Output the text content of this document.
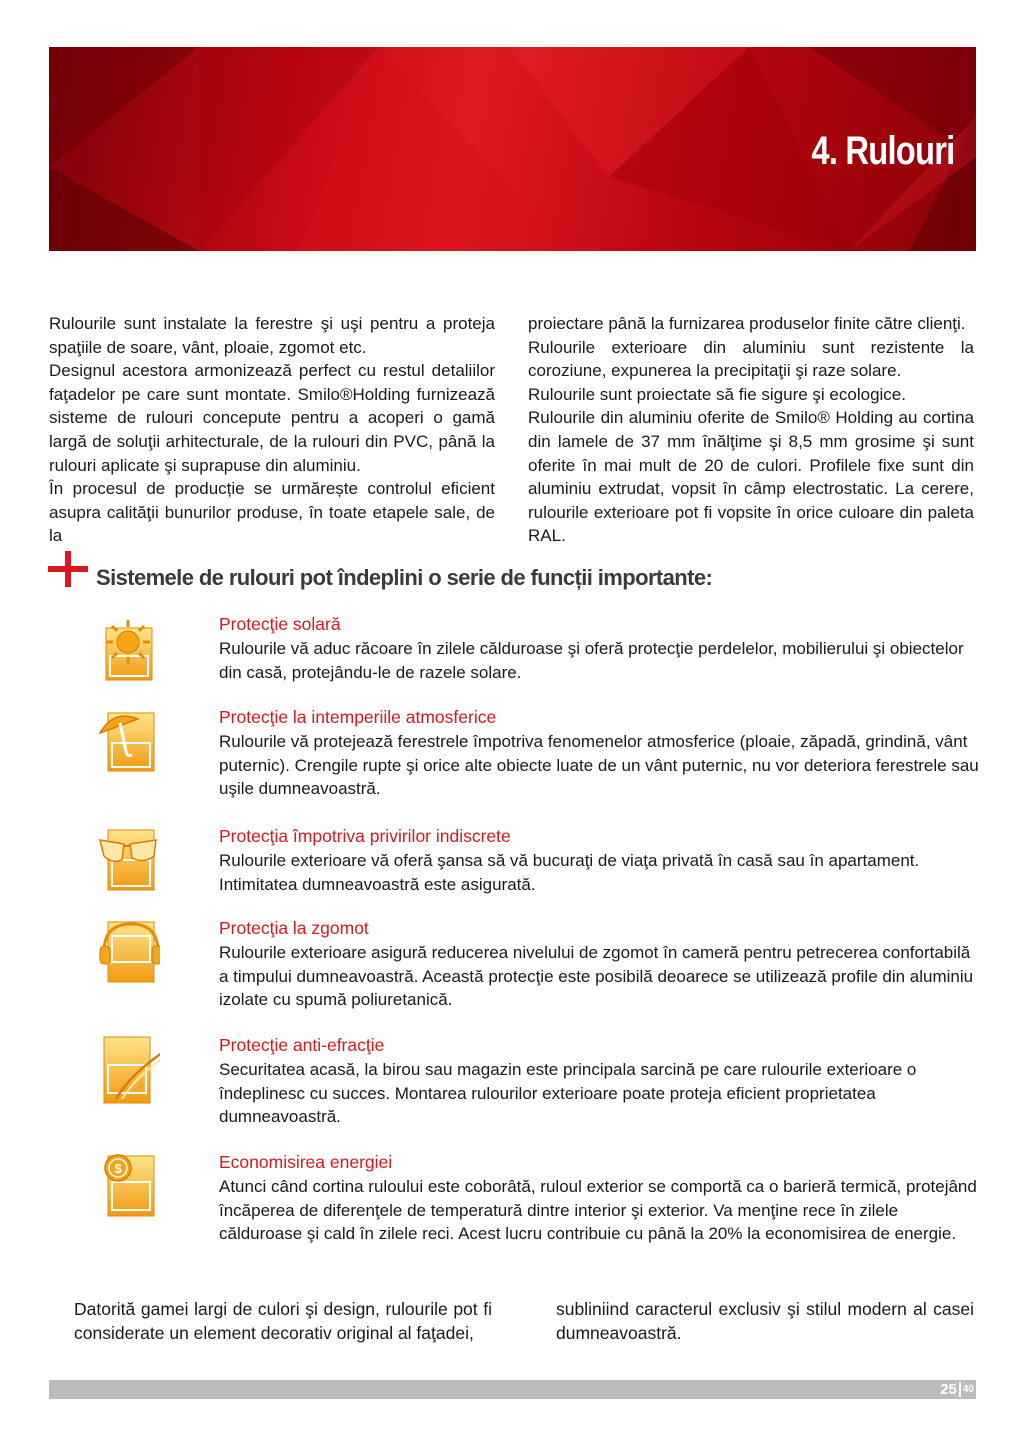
4. Rulouri

Rulourile sunt instalate la ferestre şi uşi pentru a proteja spaţiile de soare, vânt, ploaie, zgomot etc.

Designul acestora armonizează perfect cu restul detaliilor faţadelor pe care sunt montate. Smilo®Holding furnizează sisteme de rulouri concepute pentru a acoperi o gamă largă de soluţii arhitecturale, de la rulouri din PVC, până la rulouri aplicate şi suprapuse din aluminiu.

În procesul de producție se urmărește controlul eficient asupra calităţii bunurilor produse, în toate etapele sale, de la

proiectare până la furnizarea produselor finite către clienţi.

Rulourile exterioare din aluminiu sunt rezistente la coroziune, expunerea la precipitaţii şi raze solare.

Rulourile sunt proiectate să fie sigure şi ecologice.

Rulourile din aluminiu oferite de Smilo® Holding au cortina din lamele de 37 mm înălţime şi 8,5 mm grosime şi sunt oferite în mai mult de 20 de culori. Profilele fixe sunt din aluminiu extrudat, vopsit în câmp electrostatic. La cerere, rulourile exterioare pot fi vopsite în orice culoare din paleta RAL.

Sistemele de rulouri pot îndeplini o serie de funcții importante:
Protecţie solară
Rulourile vă aduc răcoare în zilele călduroase şi oferă protecţie perdelelor, mobilierului şi obiectelor din casă, protejându-le de razele solare.
Protecţie la intemperiile atmosferice
Rulourile vă protejează ferestrele împotriva fenomenelor atmosferice (ploaie, zăpadă, grindină, vânt puternic). Crengile rupte şi orice alte obiecte luate de un vânt puternic, nu vor deteriora ferestrele sau uşile dumneavoastră.
Protecţia împotriva privirilor indiscrete
Rulourile exterioare vă oferă şansa să vă bucuraţi de viaţa privată în casă sau în apartament. Intimitatea dumneavoastră este asigurată.
Protecţia la zgomot
Rulourile exterioare asigură reducerea nivelului de zgomot în cameră pentru petrecerea confortabilă a timpului dumneavoastră. Această protecţie este posibilă deoarece se utilizează profile din aluminiu izolate cu spumă poliuretanică.
Protecţie anti-efracţie
Securitatea acasă, la birou sau magazin este principala sarcină pe care rulourile exterioare o îndeplinesc cu succes. Montarea rulourilor exterioare poate proteja eficient proprietatea dumneavoastră.
$	Economisirea energiei
Atunci când cortina ruloului este coborâtă, ruloul exterior se comportă ca o barieră termică, protejând încăperea de diferenţele de temperatură dintre interior şi exterior. Va menţine rece în zilele călduroase şi cald în zilele reci. Acest lucru contribuie cu până la 20% la economisirea de energie.

Datorită gamei largi de culori şi design, rulourile pot fi considerate un element decorativ original al faţadei,

subliniind caracterul exclusiv şi stilul modern al casei dumneavoastră.

25 40
